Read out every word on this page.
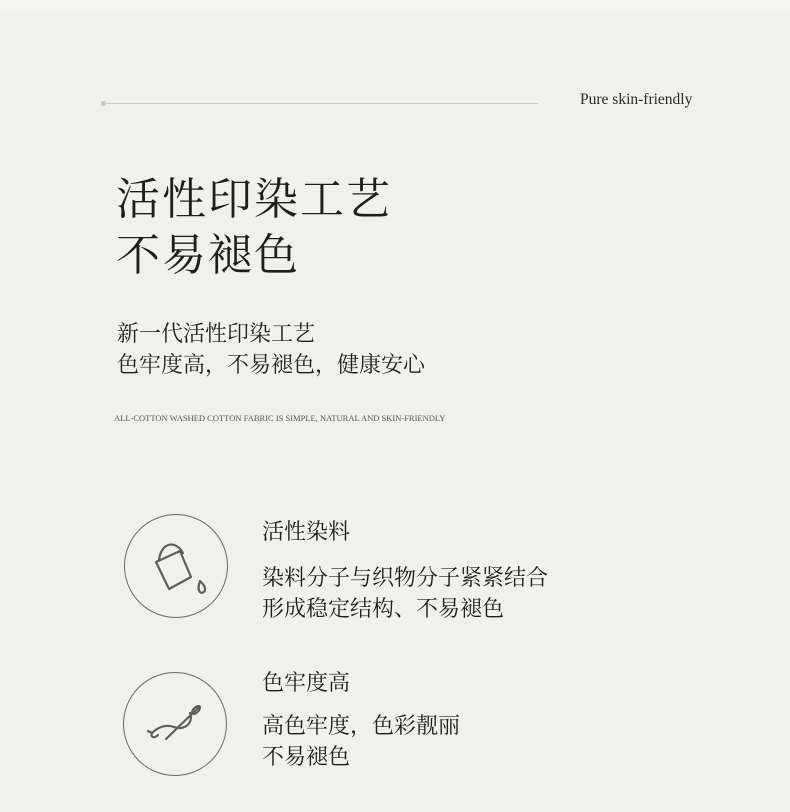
Pure skin-friendly
活性印染工艺
不易褪色
新一代活性印染工艺
色牢度高，不易褪色，健康安心
ALL-COTTON WASHED COTTON FABRIC IS SIMPLE, NATURAL AND SKIN-FRIENDLY
活性染料
染料分子与织物分子紧紧结合
形成稳定结构、不易褪色
色牢度高
高色牢度，色彩靓丽
不易褪色
